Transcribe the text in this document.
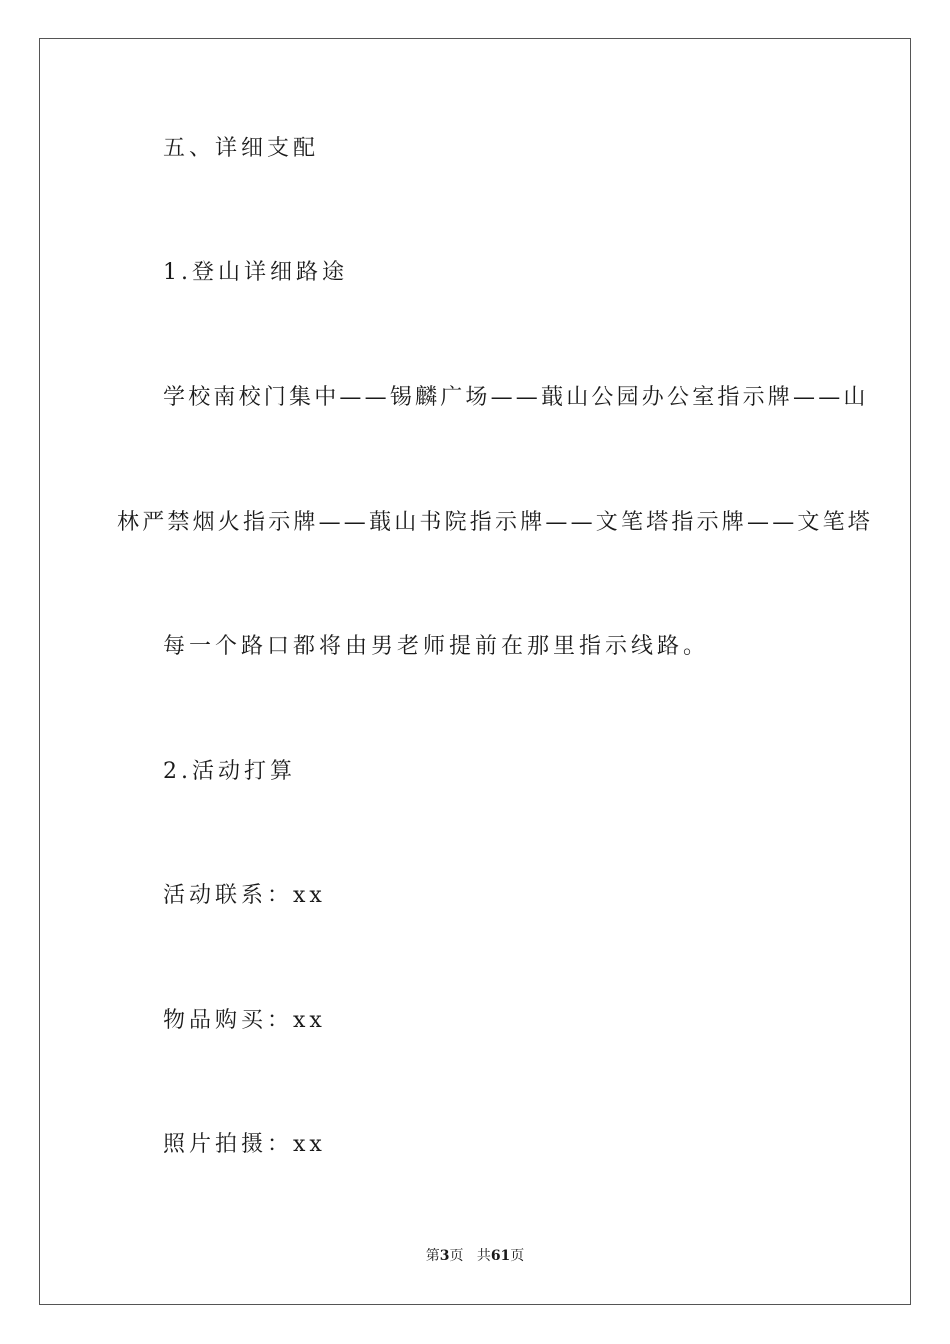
五、详细支配
1.登山详细路途
学校南校门集中——锡麟广场——蕺山公园办公室指示牌——山
林严禁烟火指示牌——蕺山书院指示牌——文笔塔指示牌——文笔塔
每一个路口都将由男老师提前在那里指示线路。
2.活动打算
活动联系：xx
物品购买：xx
照片拍摄：xx
第3页 共61页
